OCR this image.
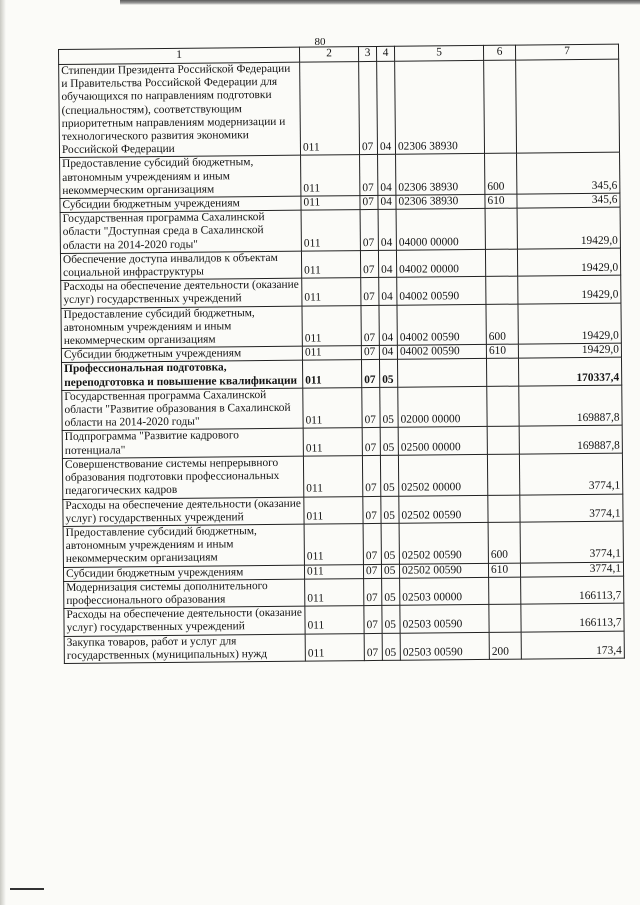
80
1	2	3	4	5	6	7
Стипендии Президента Российской Федерации и Правительства Российской Федерации для обучающихся по направлениям подготовки (специальностям), соответствующим приоритетным направлениям модернизации и технологического развития экономики Российской Федерации	011	07	04	02306 38930		
Предоставление субсидий бюджетным, автономным учреждениям и иным некоммерческим организациям	011	07	04	02306 38930	600	345,6
Субсидии бюджетным учреждениям	011	07	04	02306 38930	610	345,6
Государственная программа Сахалинской области "Доступная среда в Сахалинской области на 2014-2020 годы"	011	07	04	04000 00000		19429,0
Обеспечение доступа инвалидов к объектам социальной инфраструктуры	011	07	04	04002 00000		19429,0
Расходы на обеспечение деятельности (оказание услуг) государственных учреждений	011	07	04	04002 00590		19429,0
Предоставление субсидий бюджетным, автономным учреждениям и иным некоммерческим организациям	011	07	04	04002 00590	600	19429,0
Субсидии бюджетным учреждениям	011	07	04	04002 00590	610	19429,0
Профессиональная подготовка, переподготовка и повышение квалификации	011	07	05			170337,4
Государственная программа Сахалинской области "Развитие образования в Сахалинской области на 2014-2020 годы"	011	07	05	02000 00000		169887,8
Подпрограмма "Развитие кадрового потенциала"	011	07	05	02500 00000		169887,8
Совершенствование системы непрерывного образования подготовки профессиональных педагогических кадров	011	07	05	02502 00000		3774,1
Расходы на обеспечение деятельности (оказание услуг) государственных учреждений	011	07	05	02502 00590		3774,1
Предоставление субсидий бюджетным, автономным учреждениям и иным некоммерческим организациям	011	07	05	02502 00590	600	3774,1
Субсидии бюджетным учреждениям	011	07	05	02502 00590	610	3774,1
Модернизация системы дополнительного профессионального образования	011	07	05	02503 00000		166113,7
Расходы на обеспечение деятельности (оказание услуг) государственных учреждений	011	07	05	02503 00590		166113,7
Закупка товаров, работ и услуг для государственных (муниципальных) нужд	011	07	05	02503 00590	200	173,4
